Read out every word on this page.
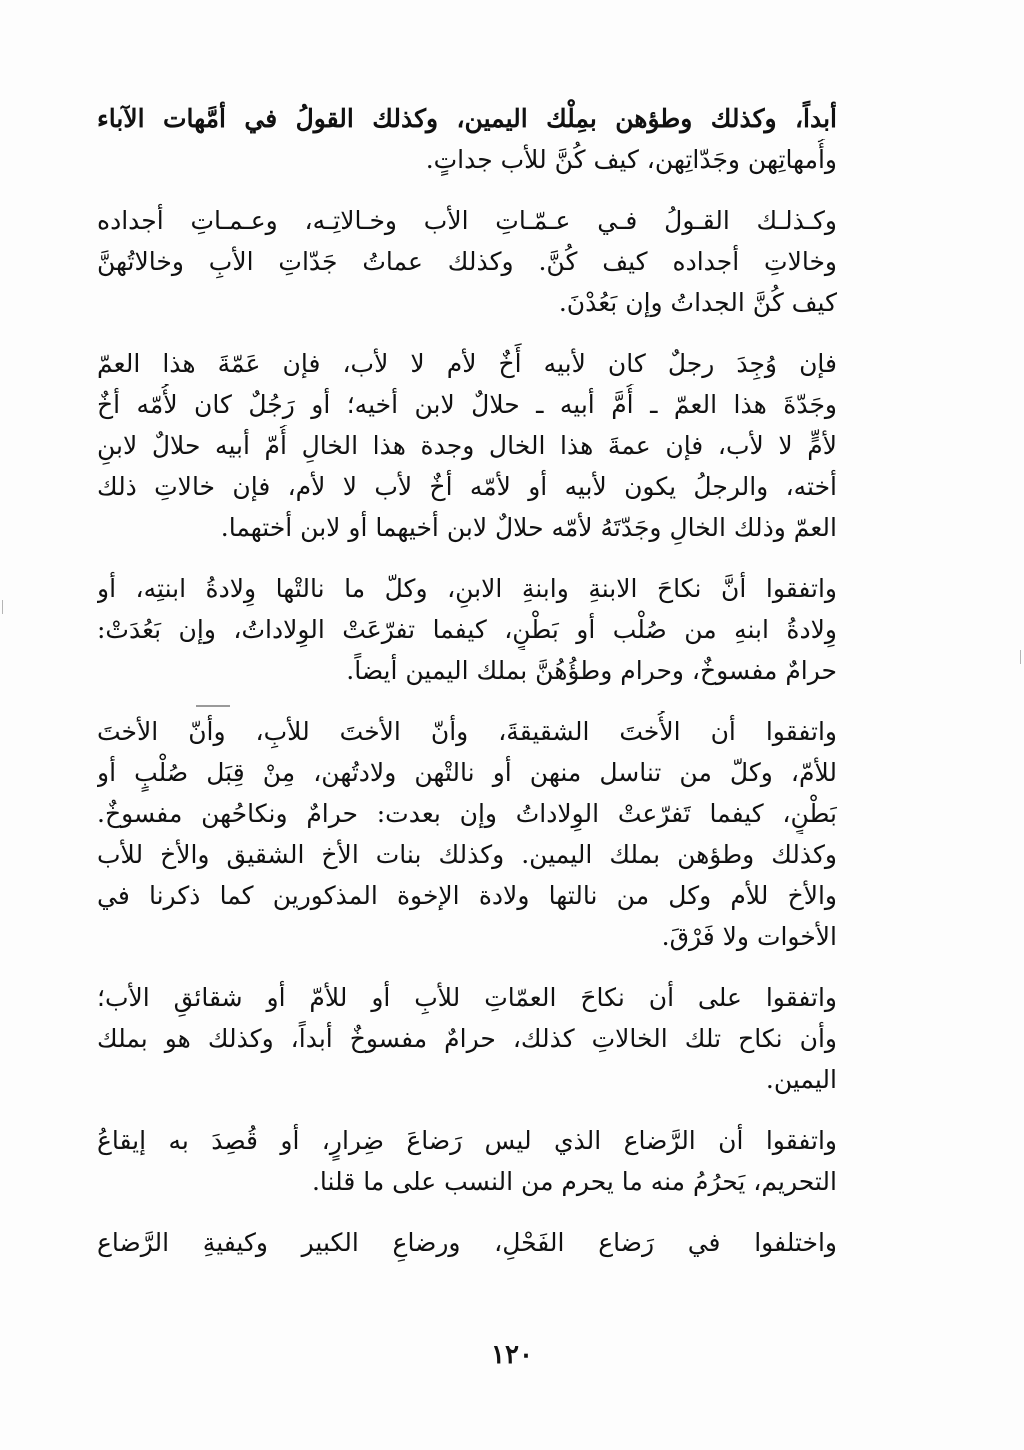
أبداً، وكذلك وطؤهن بمِلْك اليمين، وكذلك القولُ في أمَّهات الآباء
وأُمهاتِهن وجَدّاتِهن، كيف كُنَّ للأب جداتٍ.

وكـذلـك القـولُ فـي عـمّـاتِ الأب وخـالاتِـه، وعـمـاتِ أجداده
وخالاتِ أجداده كيف كُنَّ. وكذلك عماتُ جَدّاتِ الأبِ وخالاتُهنَّ
كيف كُنَّ الجداتُ وإن بَعُدْنَ.

فإن وُجِدَ رجلٌ كان لأبيه أَخٌ لأم لا لأب، فإن عَمّةَ هذا العمّ
وجَدّةَ هذا العمّ ـ أُمَّ أبيه ـ حلالٌ لابن أخيه؛ أو رَجُلٌ كان لأُمّه أخٌ
لأمٍّ لا لأب، فإن عمةَ هذا الخال وجدة هذا الخالِ أُمّ أبيه حلالٌ لابنِ
أخته، والرجلُ يكون لأبيه أو لأمّه أخٌ لأب لا لأم، فإن خالاتِ ذلك
العمّ وذلك الخالِ وجَدّتَهُ لأمّه حلالٌ لابن أخيهما أو لابن أختهما.

واتفقوا أنَّ نكاحَ الابنةِ وابنةِ الابنِ، وكلّ ما نالتْها وِلادةُ ابنتِه، أو
وِلادةُ ابنهِ من صُلْب أو بَطْنٍ، كيفما تفرّعَتْ الوِلاداتُ، وإن بَعُدَتْ:
حرامٌ مفسوخٌ، وحرام وطؤُهُنَّ بملك اليمين أيضاً.

واتفقوا أن الأُختَ الشقيقةَ، وأنّ الأختَ للأبِ، وأنّ الأختَ
للأمّ، وكلّ من تناسل منهن أو نالتْهن ولادتُهن، مِنْ قِبَل صُلْبٍ أو
بَطْنٍ، كيفما تَفرّعتْ الوِلاداتُ وإن بعدت: حرامٌ ونكاحُهن مفسوخٌ.
وكذلك وطؤهن بملك اليمين. وكذلك بنات الأخ الشقيق والأخ للأب
والأخ للأم وكل من نالتها ولادة الإخوة المذكورين كما ذكرنا في
الأخوات ولا فَرْقَ.

واتفقوا على أن نكاحَ العمّاتِ للأبِ أو للأمّ أو شقائقِ الأب؛
وأن نكاح تلك الخالاتِ كذلك، حرامٌ مفسوخٌ أبداً، وكذلك هو بملك
اليمين.

واتفقوا أن الرَّضاع الذي ليس رَضاعَ ضِرارٍ، أو قُصِدَ به إيقاعُ
التحريم، يَحرُمُ منه ما يحرم من النسب على ما قلنا.

واختلفوا في رَضاع الفَحْلِ، ورضاعِ الكبير وكيفيةِ الرَّضاع

١٢٠
